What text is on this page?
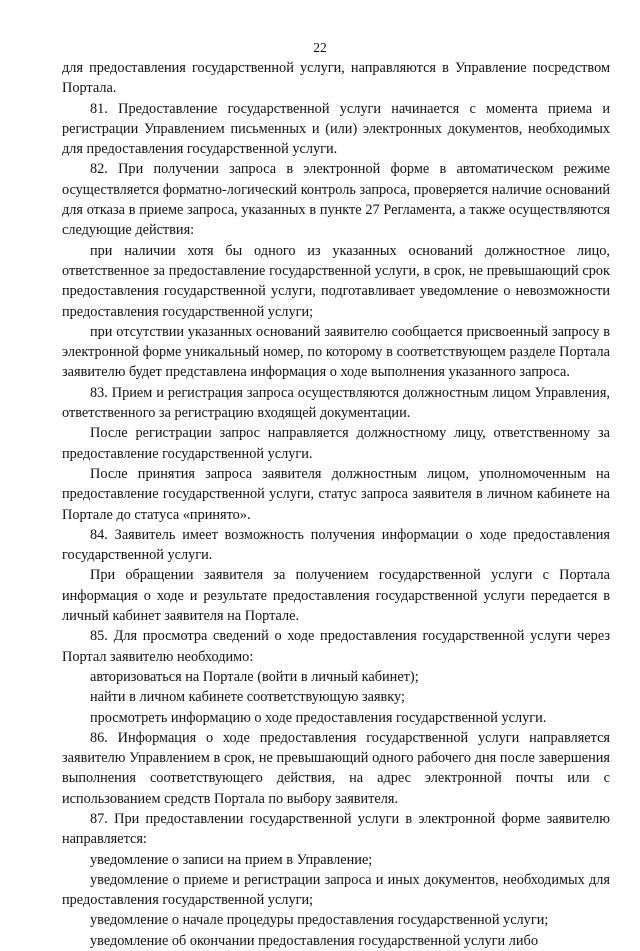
22

для предоставления государственной услуги, направляются в Управление посредством Портала.

81. Предоставление государственной услуги начинается с момента приема и регистрации Управлением письменных и (или) электронных документов, необходимых для предоставления государственной услуги.

82. При получении запроса в электронной форме в автоматическом режиме осуществляется форматно-логический контроль запроса, проверяется наличие оснований для отказа в приеме запроса, указанных в пункте 27 Регламента, а также осуществляются следующие действия:

при наличии хотя бы одного из указанных оснований должностное лицо, ответственное за предоставление государственной услуги, в срок, не превышающий срок предоставления государственной услуги, подготавливает уведомление о невозможности предоставления государственной услуги;

при отсутствии указанных оснований заявителю сообщается присвоенный запросу в электронной форме уникальный номер, по которому в соответствующем разделе Портала заявителю будет представлена информация о ходе выполнения указанного запроса.

83. Прием и регистрация запроса осуществляются должностным лицом Управления, ответственного за регистрацию входящей документации.

После регистрации запрос направляется должностному лицу, ответственному за предоставление государственной услуги.

После принятия запроса заявителя должностным лицом, уполномоченным на предоставление государственной услуги, статус запроса заявителя в личном кабинете на Портале до статуса «принято».

84. Заявитель имеет возможность получения информации о ходе предоставления государственной услуги.

При обращении заявителя за получением государственной услуги с Портала информация о ходе и результате предоставления государственной услуги передается в личный кабинет заявителя на Портале.

85. Для просмотра сведений о ходе предоставления государственной услуги через Портал заявителю необходимо:

авторизоваться на Портале (войти в личный кабинет);

найти в личном кабинете соответствующую заявку;

просмотреть информацию о ходе предоставления государственной услуги.

86. Информация о ходе предоставления государственной услуги направляется заявителю Управлением в срок, не превышающий одного рабочего дня после завершения выполнения соответствующего действия, на адрес электронной почты или с использованием средств Портала по выбору заявителя.

87. При предоставлении государственной услуги в электронной форме заявителю направляется:

уведомление о записи на прием в Управление;

уведомление о приеме и регистрации запроса и иных документов, необходимых для предоставления государственной услуги;

уведомление о начале процедуры предоставления государственной услуги;

уведомление об окончании предоставления государственной услуги либо
